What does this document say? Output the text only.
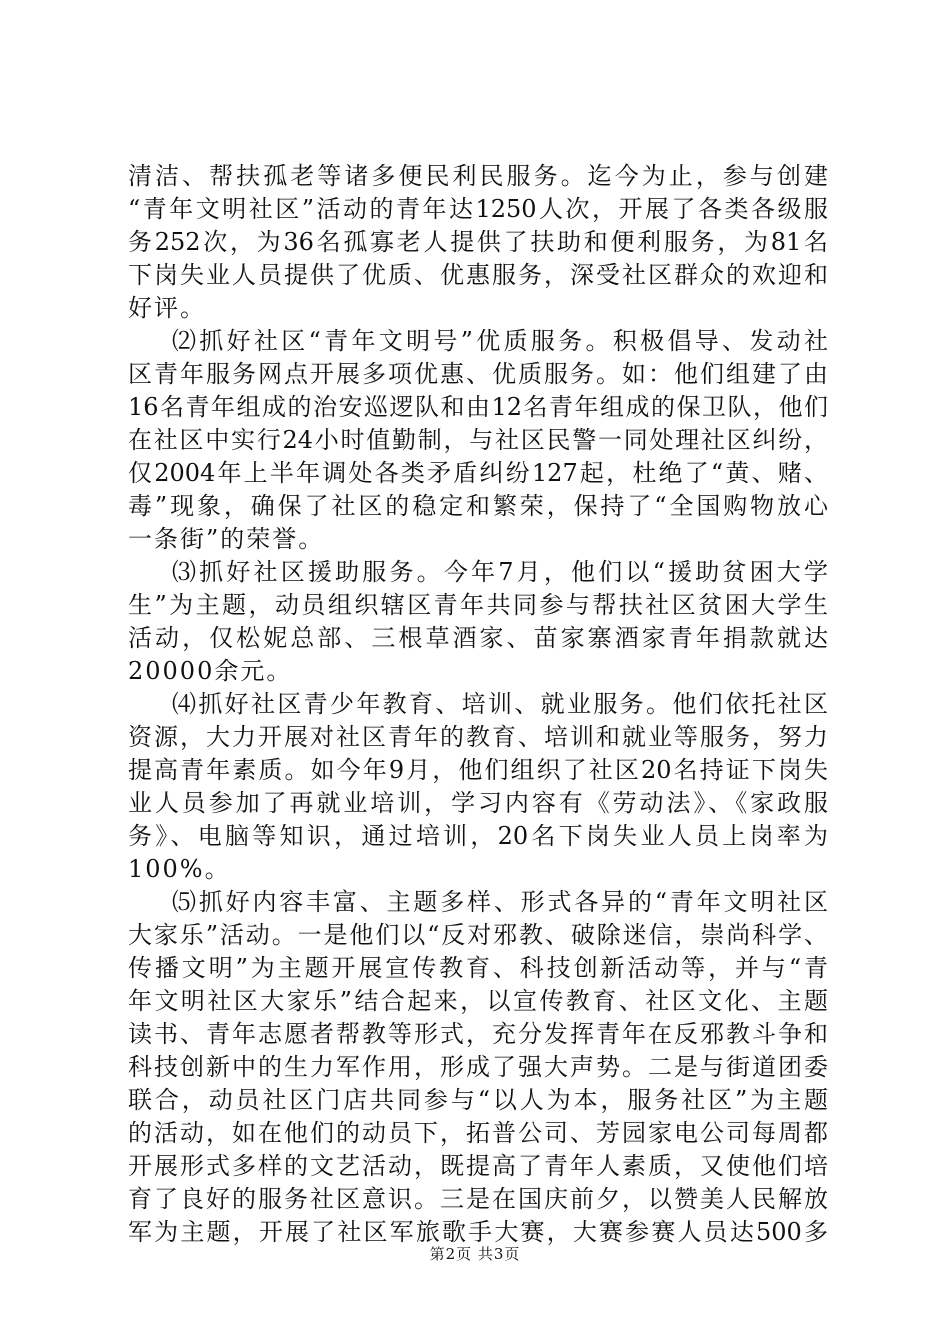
清洁、帮扶孤老等诸多便民利民服务。迄今为止，参与创建
“青年文明社区”活动的青年达1250人次，开展了各类各级服
务252次，为36名孤寡老人提供了扶助和便利服务，为81名
下岗失业人员提供了优质、优惠服务，深受社区群众的欢迎和
好评。
⑵抓好社区“青年文明号”优质服务。积极倡导、发动社
区青年服务网点开展多项优惠、优质服务。如：他们组建了由
16名青年组成的治安巡逻队和由12名青年组成的保卫队，他们
在社区中实行24小时值勤制，与社区民警一同处理社区纠纷，
仅2004年上半年调处各类矛盾纠纷127起，杜绝了“黄、赌、
毒”现象，确保了社区的稳定和繁荣，保持了“全国购物放心
一条街”的荣誉。
⑶抓好社区援助服务。今年7月，他们以“援助贫困大学
生”为主题，动员组织辖区青年共同参与帮扶社区贫困大学生
活动，仅松妮总部、三根草酒家、苗家寨酒家青年捐款就达
20000余元。
⑷抓好社区青少年教育、培训、就业服务。他们依托社区
资源，大力开展对社区青年的教育、培训和就业等服务，努力
提高青年素质。如今年9月，他们组织了社区20名持证下岗失
业人员参加了再就业培训，学习内容有《劳动法》、《家政服
务》、电脑等知识，通过培训，20名下岗失业人员上岗率为
100%。
⑸抓好内容丰富、主题多样、形式各异的“青年文明社区
大家乐”活动。一是他们以“反对邪教、破除迷信，崇尚科学、
传播文明”为主题开展宣传教育、科技创新活动等，并与“青
年文明社区大家乐”结合起来，以宣传教育、社区文化、主题
读书、青年志愿者帮教等形式，充分发挥青年在反邪教斗争和
科技创新中的生力军作用，形成了强大声势。二是与街道团委
联合，动员社区门店共同参与“以人为本，服务社区”为主题
的活动，如在他们的动员下，拓普公司、芳园家电公司每周都
开展形式多样的文艺活动，既提高了青年人素质，又使他们培
育了良好的服务社区意识。三是在国庆前夕，以赞美人民解放
军为主题，开展了社区军旅歌手大赛，大赛参赛人员达500多
第2页 共3页
